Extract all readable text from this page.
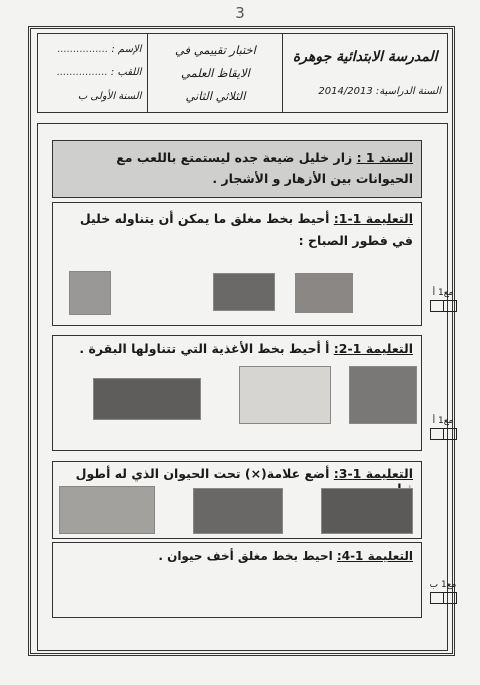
3
المدرسة الابتدائية جوهرة
السنة الدراسية: 2014/2013
اختبار تقييمي في
الايقاظ العلمي
الثلاثي الثاني
الإسم : ................
اللقب : ................
السنة الأولى ب
السند 1 : زار خليل ضيعة جده ليستمتع باللعب مع الحيوانات بين الأزهار و الأشجار .
التعليمة 1-1: أحيط بخط مغلق ما يمكن أن يتناوله خليل في فطور الصباح :
التعليمة 1-2: أ أحيط بخط الأغذية التي تتناولها البقرة .
التعليمة 1-3: أضع علامة(×) تحت الحيوان الذي له أطول
التعليمة 1-4: احيط بخط مغلق أخف حيوان .
مع1 أ
مع1 أ
مع1 ب
